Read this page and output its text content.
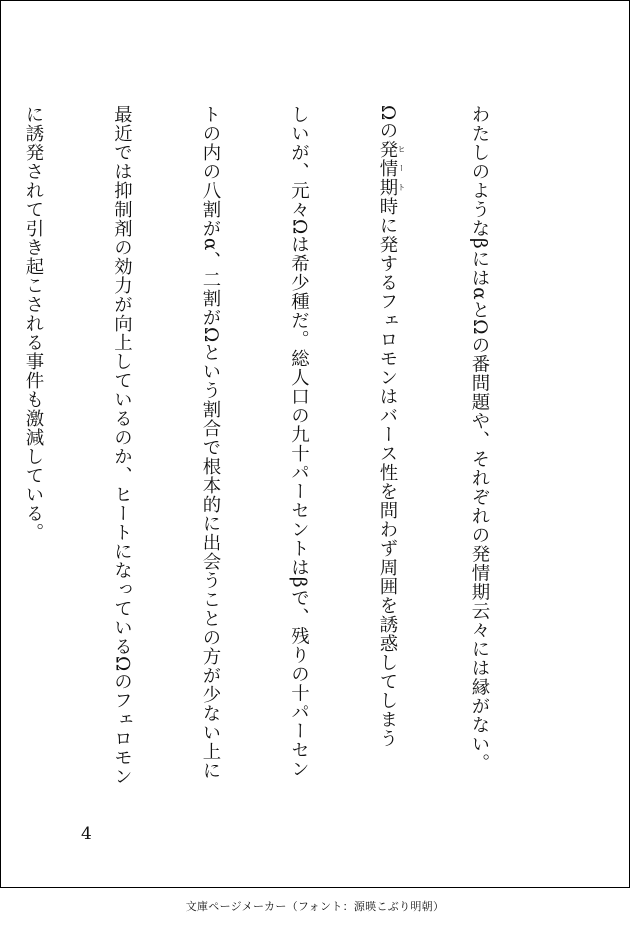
わたしのようなβにはαとΩの番問題や、それぞれの発情期云々には縁がない。

Ωの発情期 ヒート時に発するフェロモンはバース性を問わず周囲を誘惑してしまう

しいが、元々Ωは希少種だ。総人口の九十パーセントはβで、残りの十パーセン

トの内の八割がα、二割がΩという割合で根本的に出会うことの方が少ない上に

最近では抑制剤の効力が向上しているのか、ヒートになっているΩのフェロモン

に誘発されて引き起こされる事件も激減している。

4
文庫ページメーカー（フォント：源暎こぶり明朝）
